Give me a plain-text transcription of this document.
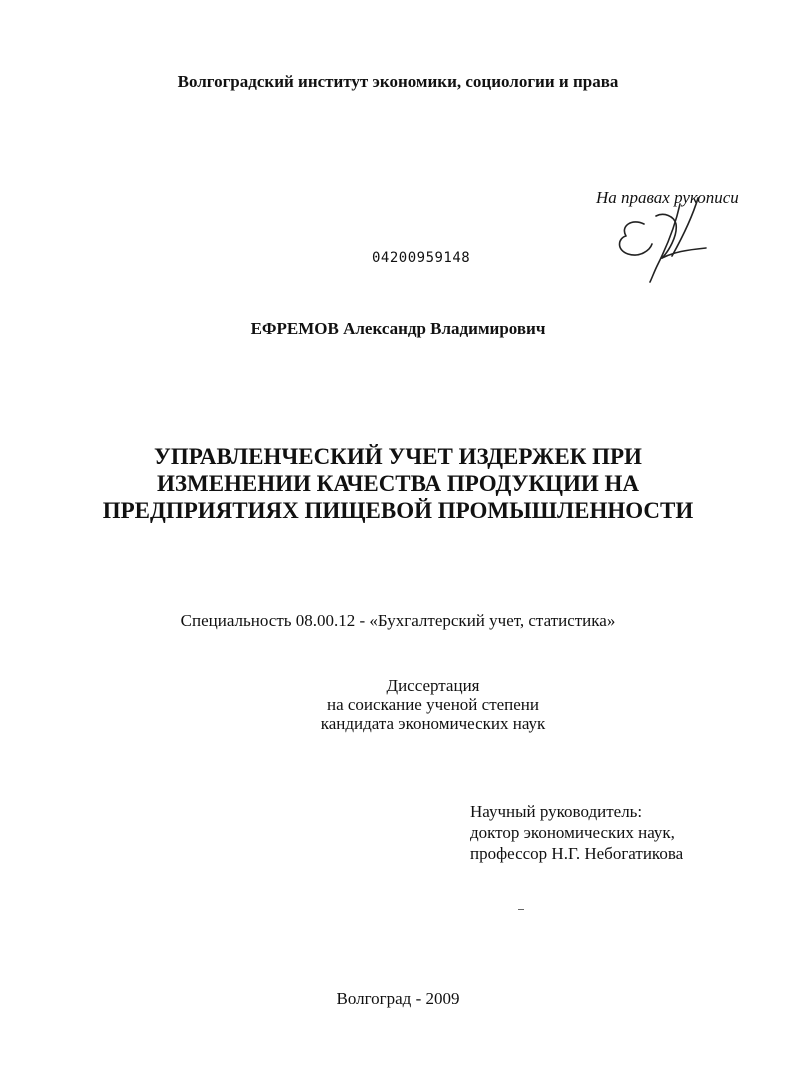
Волгоградский институт экономики, социологии и права
На правах рукописи
04200959148
ЕФРЕМОВ Александр Владимирович
УПРАВЛЕНЧЕСКИЙ УЧЕТ ИЗДЕРЖЕК ПРИ
ИЗМЕНЕНИИ КАЧЕСТВА ПРОДУКЦИИ НА
ПРЕДПРИЯТИЯХ ПИЩЕВОЙ ПРОМЫШЛЕННОСТИ
Специальность 08.00.12 - «Бухгалтерский учет, статистика»
Диссертация
на соискание ученой степени
кандидата экономических наук
Научный руководитель:
доктор экономических наук,
профессор Н.Г. Небогатикова
Волгоград - 2009
